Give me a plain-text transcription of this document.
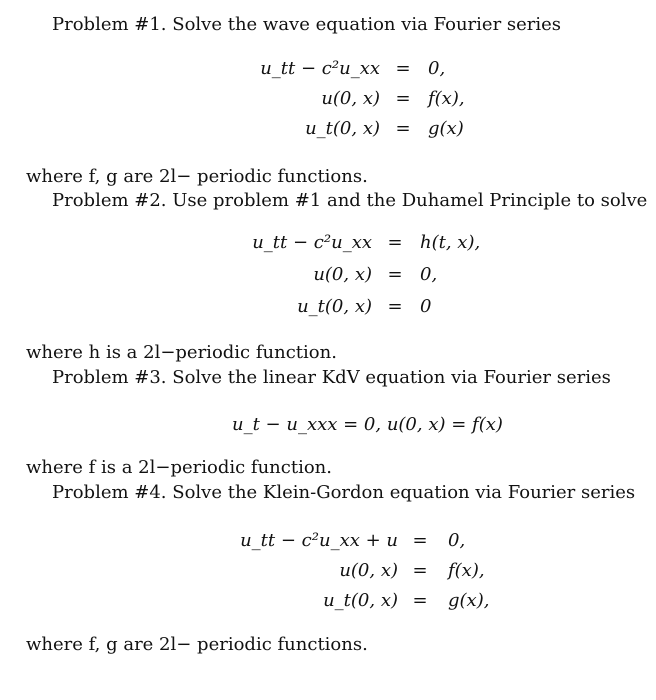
Problem #1. Solve the wave equation via Fourier series
u_tt − c²u_xx = 0,
u(0, x) = f(x),
u_t(0, x) = g(x)
where f, g are 2l− periodic functions.
Problem #2. Use problem #1 and the Duhamel Principle to solve
u_tt − c²u_xx = h(t, x),
u(0, x) = 0,
u_t(0, x) = 0
where h is a 2l−periodic function.
Problem #3. Solve the linear KdV equation via Fourier series
u_t − u_xxx = 0, u(0, x) = f(x)
where f is a 2l−periodic function.
Problem #4. Solve the Klein-Gordon equation via Fourier series
u_tt − c²u_xx + u =	0,
u(0, x) =	f(x),
u_t(0, x) =	g(x),
where f, g are 2l− periodic functions.
